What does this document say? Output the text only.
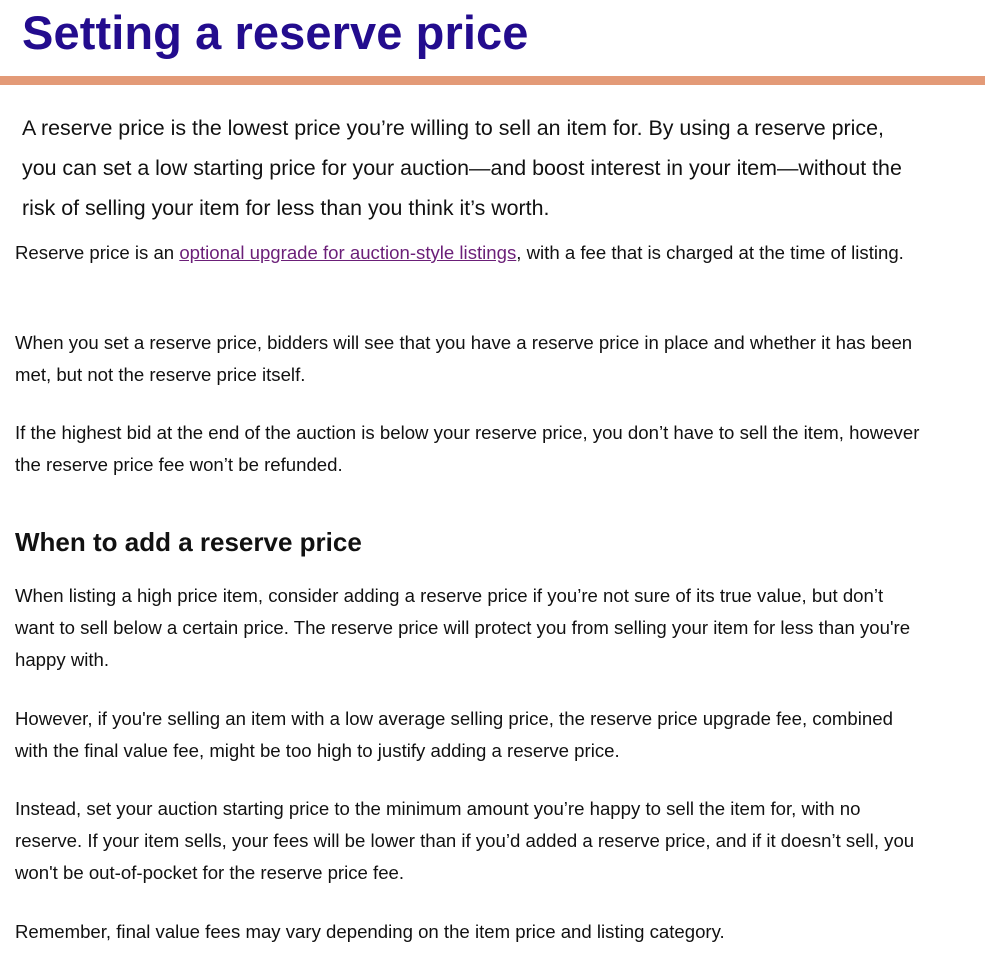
Setting a reserve price

A reserve price is the lowest price you’re willing to sell an item for. By using a reserve price, you can set a low starting price for your auction—and boost interest in your item—without the risk of selling your item for less than you think it’s worth.

Reserve price is an optional upgrade for auction-style listings, with a fee that is charged at the time of listing.

When you set a reserve price, bidders will see that you have a reserve price in place and whether it has been met, but not the reserve price itself.

If the highest bid at the end of the auction is below your reserve price, you don’t have to sell the item, however the reserve price fee won’t be refunded.

When to add a reserve price

When listing a high price item, consider adding a reserve price if you’re not sure of its true value, but don’t want to sell below a certain price. The reserve price will protect you from selling your item for less than you're happy with.

However, if you're selling an item with a low average selling price, the reserve price upgrade fee, combined with the final value fee, might be too high to justify adding a reserve price.

Instead, set your auction starting price to the minimum amount you’re happy to sell the item for, with no reserve. If your item sells, your fees will be lower than if you’d added a reserve price, and if it doesn’t sell, you won't be out-of-pocket for the reserve price fee.

Remember, final value fees may vary depending on the item price and listing category.
